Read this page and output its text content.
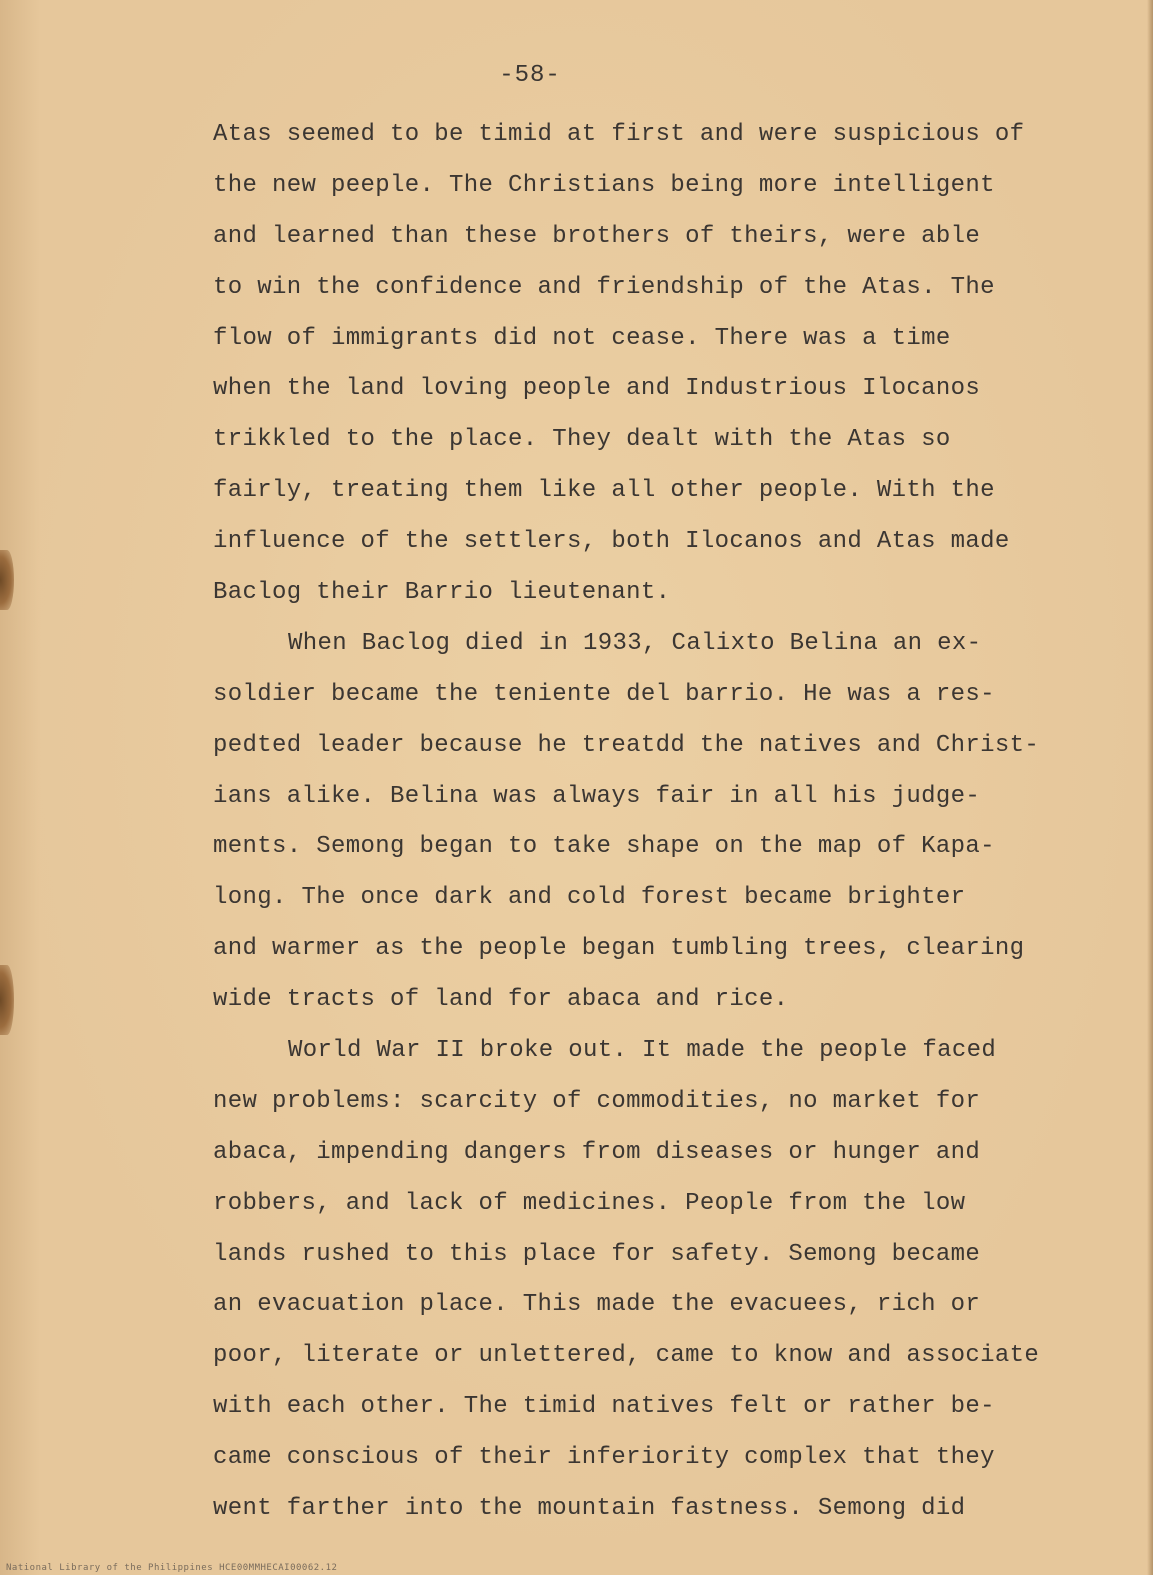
-58-
Atas seemed to be timid at first and were suspicious of
the new peeple. The Christians being more intelligent
and learned than these brothers of theirs, were able
to win the confidence and friendship of the Atas. The
flow of immigrants did not cease. There was a time
when the land loving people and Industrious Ilocanos
trikkled to the place. They dealt with the Atas so
fairly, treating them like all other people. With the
influence of the settlers, both Ilocanos and Atas made
Baclog their Barrio lieutenant.
When Baclog died in 1933, Calixto Belina an ex-
soldier became the teniente del barrio. He was a res-
pedted leader because he treatdd the natives and Christ-
ians alike. Belina was always fair in all his judge-
ments. Semong began to take shape on the map of Kapa-
long. The once dark and cold forest became brighter
and warmer as the people began tumbling trees, clearing
wide tracts of land for abaca and rice.
World War II broke out. It made the people faced
new problems: scarcity of commodities, no market for
abaca, impending dangers from diseases or hunger and
robbers, and lack of medicines. People from the low
lands rushed to this place for safety. Semong became
an evacuation place. This made the evacuees, rich or
poor, literate or unlettered, came to know and associate
with each other. The timid natives felt or rather be-
came conscious of their inferiority complex that they
went farther into the mountain fastness. Semong did
National Library of the Philippines HCE00MMHECAI00062.12
